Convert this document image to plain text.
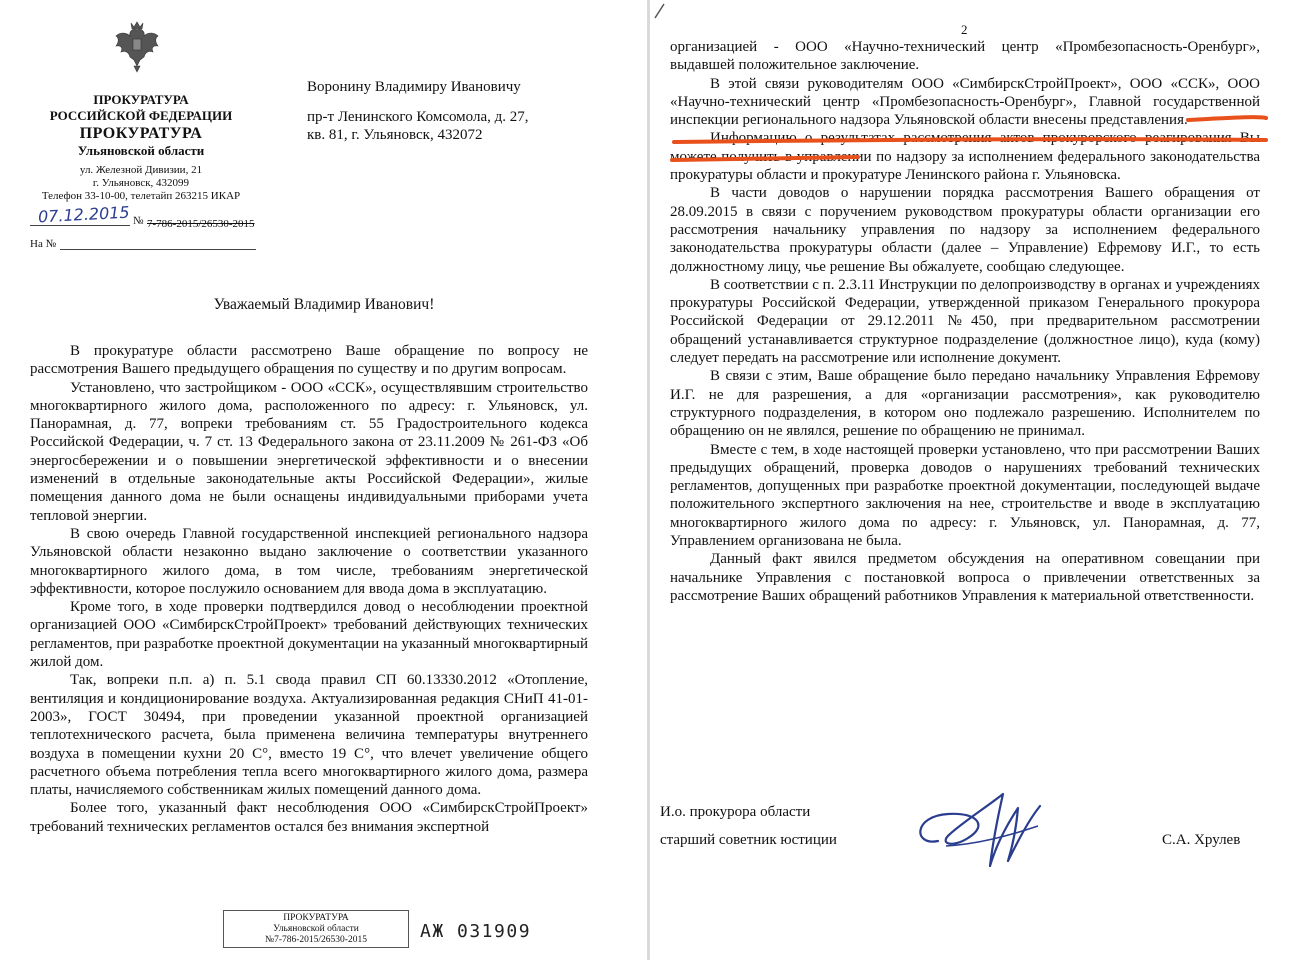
ПРОКУРАТУРА
РОССИЙСКОЙ ФЕДЕРАЦИИ
ПРОКУРАТУРА
Ульяновской области
ул. Железной Дивизии, 21
г. Ульяновск, 432099
Телефон 33-10-00, телетайп 263215 ИКАР
07.12.2015 № 7-786-2015/26530-2015
На №
Воронину Владимиру Ивановичу
пр-т Ленинского Комсомола, д. 27,
кв. 81, г. Ульяновск, 432072
Уважаемый Владимир Иванович!

В прокуратуре области рассмотрено Ваше обращение по вопросу не рассмотрения Вашего предыдущего обращения по существу и по другим вопросам.

Установлено, что застройщиком - ООО «ССК», осуществлявшим строительство многоквартирного жилого дома, расположенного по адресу: г. Ульяновск, ул. Панорамная, д. 77, вопреки требованиям ст. 55 Градостроительного кодекса Российской Федерации, ч. 7 ст. 13 Федерального закона от 23.11.2009 № 261-ФЗ «Об энергосбережении и о повышении энергетической эффективности и о внесении изменений в отдельные законодательные акты Российской Федерации», жилые помещения данного дома не были оснащены индивидуальными приборами учета тепловой энергии.

В свою очередь Главной государственной инспекцией регионального надзора Ульяновской области незаконно выдано заключение о соответствии указанного многоквартирного жилого дома, в том числе, требованиям энергетической эффективности, которое послужило основанием для ввода дома в эксплуатацию.

Кроме того, в ходе проверки подтвердился довод о несоблюдении проектной организацией ООО «СимбирскСтройПроект» требований действующих технических регламентов, при разработке проектной документации на указанный многоквартирный жилой дом.

Так, вопреки п.п. а) п. 5.1 свода правил СП 60.13330.2012 «Отопление, вентиляция и кондиционирование воздуха. Актуализированная редакция СНиП 41-01-2003», ГОСТ 30494, при проведении указанной проектной организацией теплотехнического расчета, была применена величина температуры внутреннего воздуха в помещении кухни 20 С°, вместо 19 С°, что влечет увеличение общего расчетного объема потребления тепла всего многоквартирного жилого дома, размера платы, начисляемого собственникам жилых помещений данного дома.

Более того, указанный факт несоблюдения ООО «СимбирскСтройПроект» требований технических регламентов остался без внимания экспертной

ПРОКУРАТУРА
Ульяновской области
№7-786-2015/26530-2015	АЖ 031909
2

организацией - ООО «Научно-технический центр «Промбезопасность-Оренбург», выдавшей положительное заключение.

В этой связи руководителям ООО «СимбирскСтройПроект», ООО «ССК», ООО «Научно-технический центр «Промбезопасность-Оренбург», Главной государственной инспекции регионального надзора Ульяновской области внесены представления.

Информацию о результатах рассмотрения актов прокурорского реагирования Вы можете получить в управлении по надзору за исполнением федерального законодательства прокуратуры области и прокуратуре Ленинского района г. Ульяновска.

В части доводов о нарушении порядка рассмотрения Вашего обращения от 28.09.2015 в связи с поручением руководством прокуратуры области организации его рассмотрения начальнику управления по надзору за исполнением федерального законодательства прокуратуры области (далее – Управление) Ефремову И.Г., то есть должностному лицу, чье решение Вы обжалуете, сообщаю следующее.

В соответствии с п. 2.3.11 Инструкции по делопроизводству в органах и учреждениях прокуратуры Российской Федерации, утвержденной приказом Генерального прокурора Российской Федерации от 29.12.2011 №450, при предварительном рассмотрении обращений устанавливается структурное подразделение (должностное лицо), куда (кому) следует передать на рассмотрение или исполнение документ.

В связи с этим, Ваше обращение было передано начальнику Управления Ефремову И.Г. не для разрешения, а для «организации рассмотрения», как руководителю структурного подразделения, в котором оно подлежало разрешению. Исполнителем по обращению он не являлся, решение по обращению не принимал.

Вместе с тем, в ходе настоящей проверки установлено, что при рассмотрении Ваших предыдущих обращений, проверка доводов о нарушениях требований технических регламентов, допущенных при разработке проектной документации, последующей выдаче положительного экспертного заключения на нее, строительстве и вводе в эксплуатацию многоквартирного жилого дома по адресу: г. Ульяновск, ул. Панорамная, д. 77, Управлением организована не была.

Данный факт явился предметом обсуждения на оперативном совещании при начальнике Управления с постановкой вопроса о привлечении ответственных за рассмотрение Ваших обращений работников Управления к материальной ответственности.

И.о. прокурора области
старший советник юстиции	С.А. Хрулев
